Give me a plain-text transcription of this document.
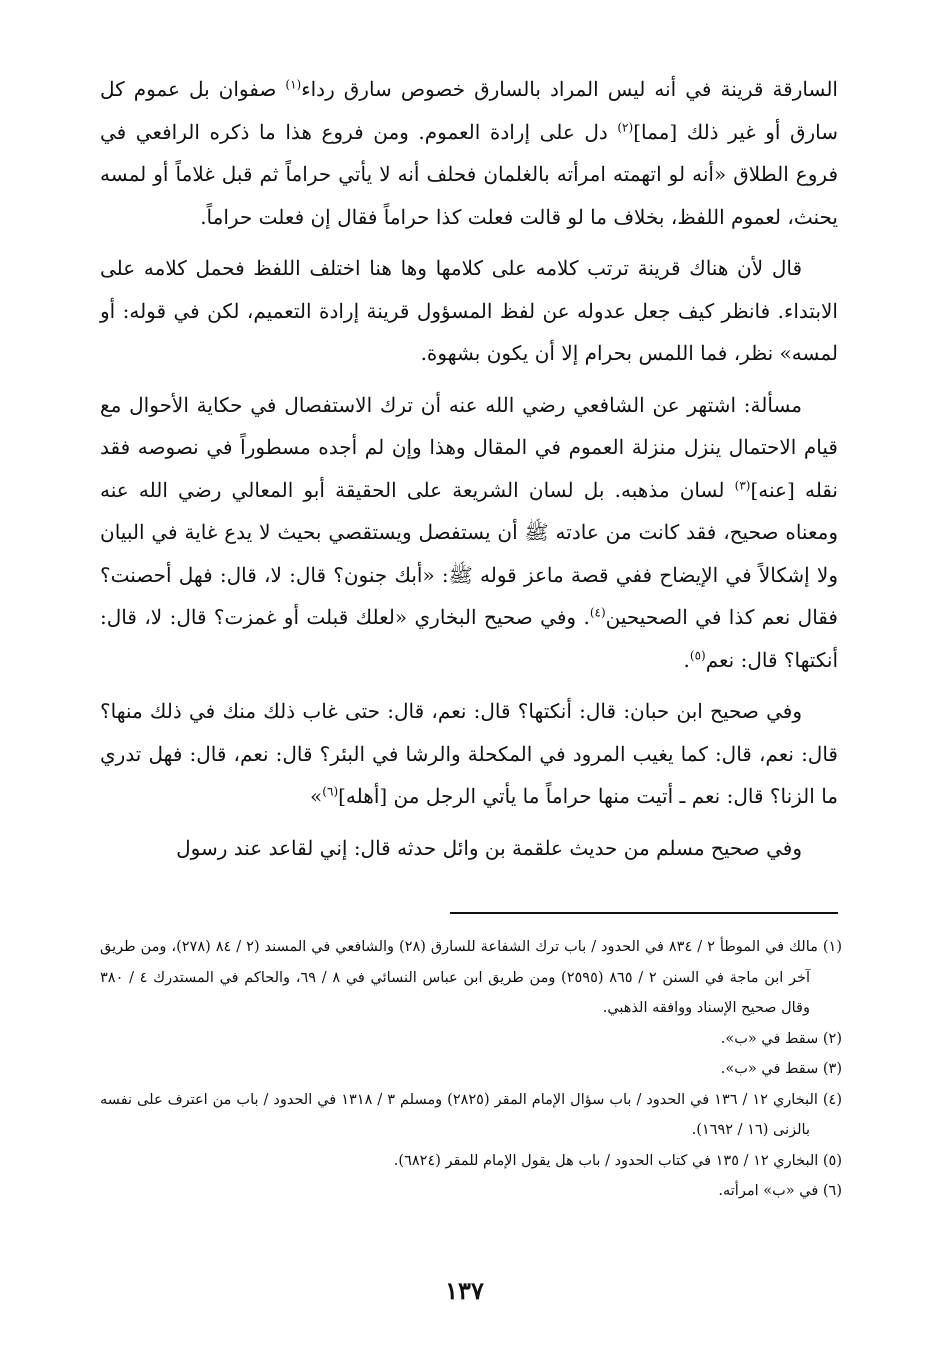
السارقة قرينة في أنه ليس المراد بالسارق خصوص سارق رداء$^{(١)}$ صفوان بل عموم كل سارق أو غير ذلك [مما]$^{(٢)}$ دل على إرادة العموم. ومن فروع هذا ما ذكره الرافعي في فروع الطلاق «أنه لو اتهمته امرأته بالغلمان فحلف أنه لا يأتي حراماً ثم قبل غلاماً أو لمسه يحنث، لعموم اللفظ، بخلاف ما لو قالت فعلت كذا حراماً فقال إن فعلت حراماً.

قال لأن هناك قرينة ترتب كلامه على كلامها وها هنا اختلف اللفظ فحمل كلامه على الابتداء. فانظر كيف جعل عدوله عن لفظ المسؤول قرينة إرادة التعميم، لكن في قوله: أو لمسه» نظر، فما اللمس بحرام إلا أن يكون بشهوة.

مسألة: اشتهر عن الشافعي رضي الله عنه أن ترك الاستفصال في حكاية الأحوال مع قيام الاحتمال ينزل منزلة العموم في المقال وهذا وإن لم أجده مسطوراً في نصوصه فقد نقله [عنه]$^{(٣)}$ لسان مذهبه. بل لسان الشريعة على الحقيقة أبو المعالي رضي الله عنه ومعناه صحيح، فقد كانت من عادته ﷺ أن يستفصل ويستقصي بحيث لا يدع غاية في البيان ولا إشكالاً في الإيضاح ففي قصة ماعز قوله ﷺ: «أبك جنون؟ قال: لا، قال: فهل أحصنت؟ فقال نعم كذا في الصحيحين$^{(٤)}$. وفي صحيح البخاري «لعلك قبلت أو غمزت؟ قال: لا، قال: أنكتها؟ قال: نعم$^{(٥)}$.

وفي صحيح ابن حبان: قال: أنكتها؟ قال: نعم، قال: حتى غاب ذلك منك في ذلك منها؟ قال: نعم، قال: كما يغيب المرود في المكحلة والرشا في البئر؟ قال: نعم، قال: فهل تدري ما الزنا؟ قال: نعم ـ أتيت منها حراماً ما يأتي الرجل من [أهله]$^{(٦)}$»

وفي صحيح مسلم من حديث علقمة بن وائل حدثه قال: إني لقاعد عند رسول

(١) مالك في الموطأ ٢ / ٨٣٤ في الحدود / باب ترك الشفاعة للسارق (٢٨) والشافعي في المسند (٢ / ٨٤ (٢٧٨)، ومن طريق آخر ابن ماجة في السنن ٢ / ٨٦٥ (٢٥٩٥) ومن طريق ابن عباس النسائي في ٨ / ٦٩، والحاكم في المستدرك ٤ / ٣٨٠ وقال صحيح الإسناد ووافقه الذهبي.

(٢) سقط في «ب».

(٣) سقط في «ب».

(٤) البخاري ١٢ / ١٣٦ في الحدود / باب سؤال الإمام المقر (٢٨٢٥) ومسلم ٣ / ١٣١٨ في الحدود / باب من اعترف على نفسه بالزنى (١٦ / ١٦٩٢).

(٥) البخاري ١٢ / ١٣٥ في كتاب الحدود / باب هل يقول الإمام للمقر (٦٨٢٤).

(٦) في «ب» امرأته.

١٣٧
